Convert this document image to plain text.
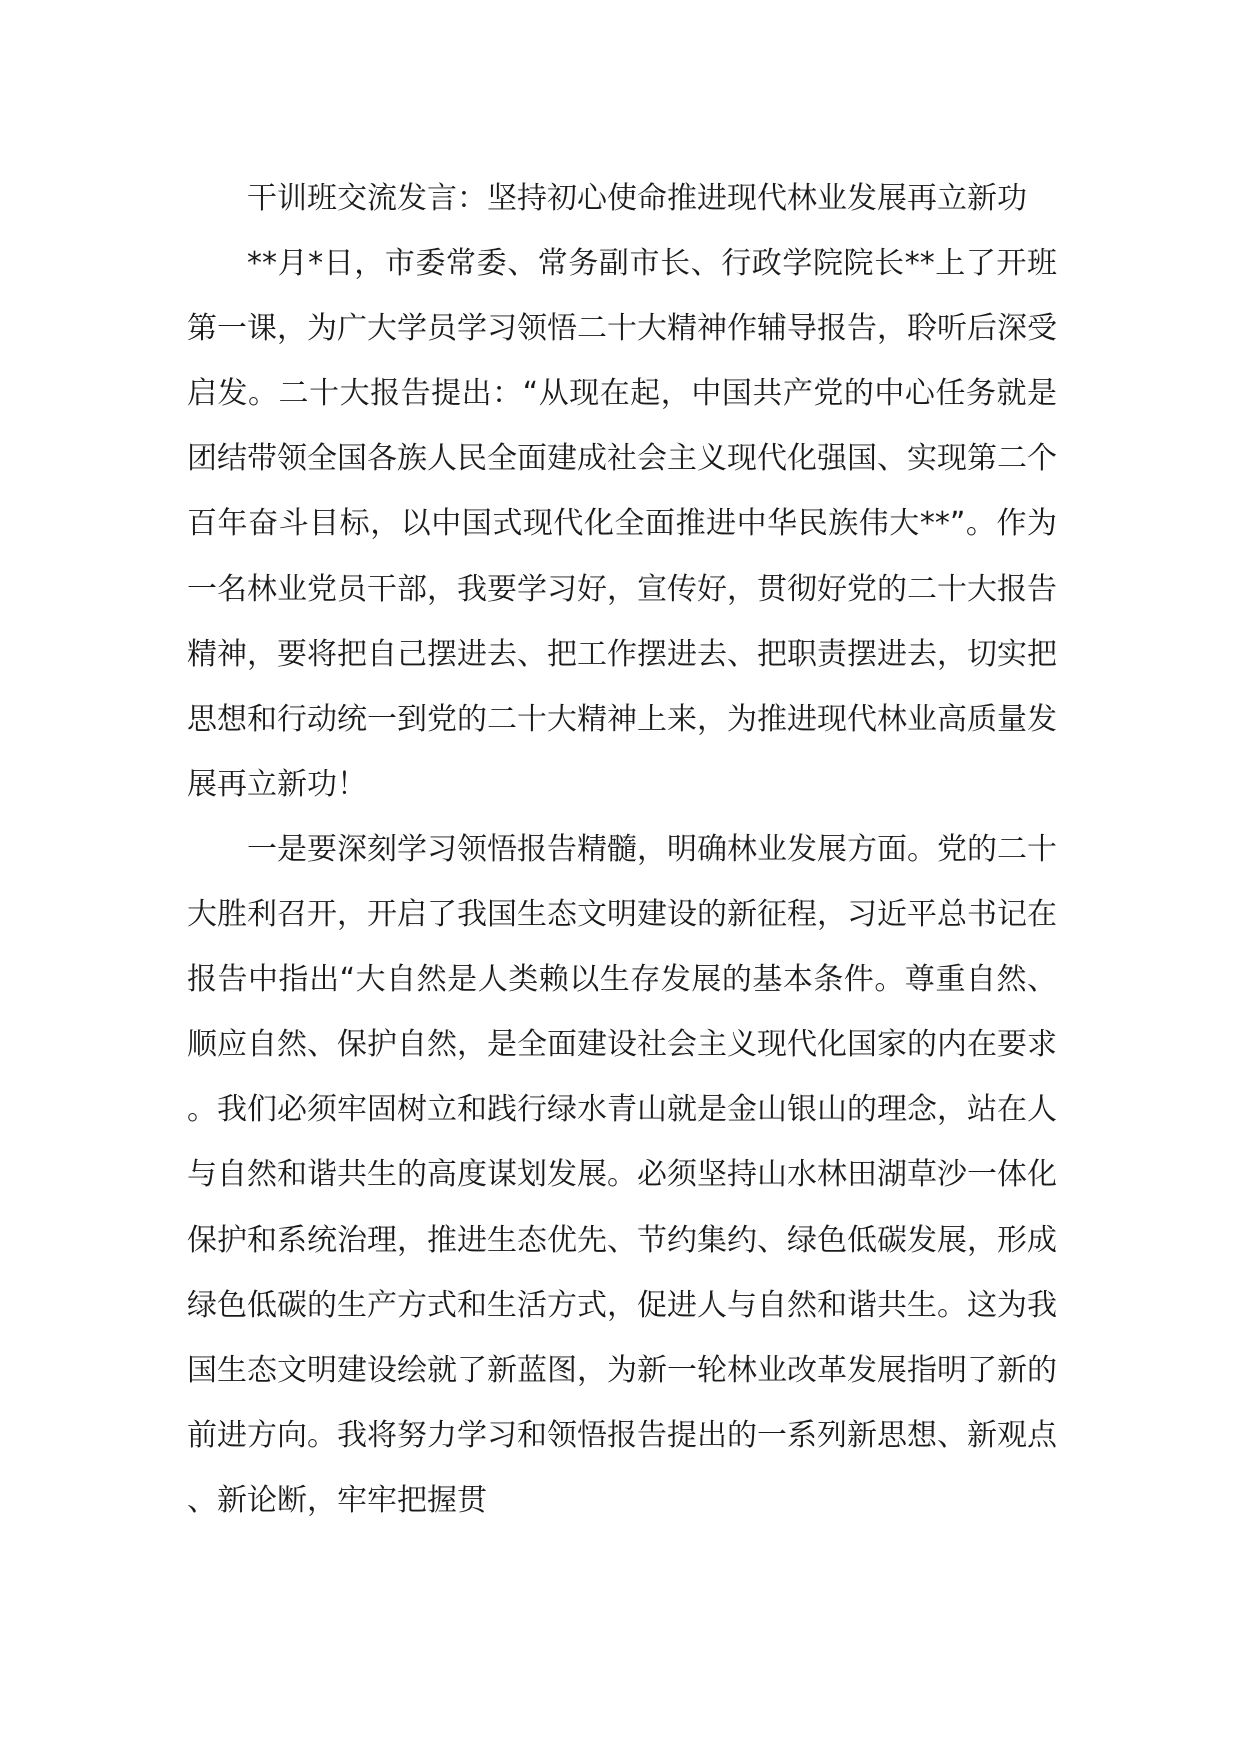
干训班交流发言：坚持初心使命推进现代林业发展再立新功

**月*日，市委常委、常务副市长、行政学院院长**上了开班第一课，为广大学员学习领悟二十大精神作辅导报告，聆听后深受启发。二十大报告提出：“从现在起，中国共产党的中心任务就是团结带领全国各族人民全面建成社会主义现代化强国、实现第二个百年奋斗目标，以中国式现代化全面推进中华民族伟大**”。作为一名林业党员干部，我要学习好，宣传好，贯彻好党的二十大报告精神，要将把自己摆进去、把工作摆进去、把职责摆进去，切实把思想和行动统一到党的二十大精神上来，为推进现代林业高质量发展再立新功！

一是要深刻学习领悟报告精髓，明确林业发展方面。党的二十大胜利召开，开启了我国生态文明建设的新征程，习近平总书记在报告中指出“大自然是人类赖以生存发展的基本条件。尊重自然、顺应自然、保护自然，是全面建设社会主义现代化国家的内在要求。我们必须牢固树立和践行绿水青山就是金山银山的理念，站在人与自然和谐共生的高度谋划发展。必须坚持山水林田湖草沙一体化保护和系统治理，推进生态优先、节约集约、绿色低碳发展，形成绿色低碳的生产方式和生活方式，促进人与自然和谐共生。这为我国生态文明建设绘就了新蓝图，为新一轮林业改革发展指明了新的前进方向。我将努力学习和领悟报告提出的一系列新思想、新观点、新论断，牢牢把握贯
